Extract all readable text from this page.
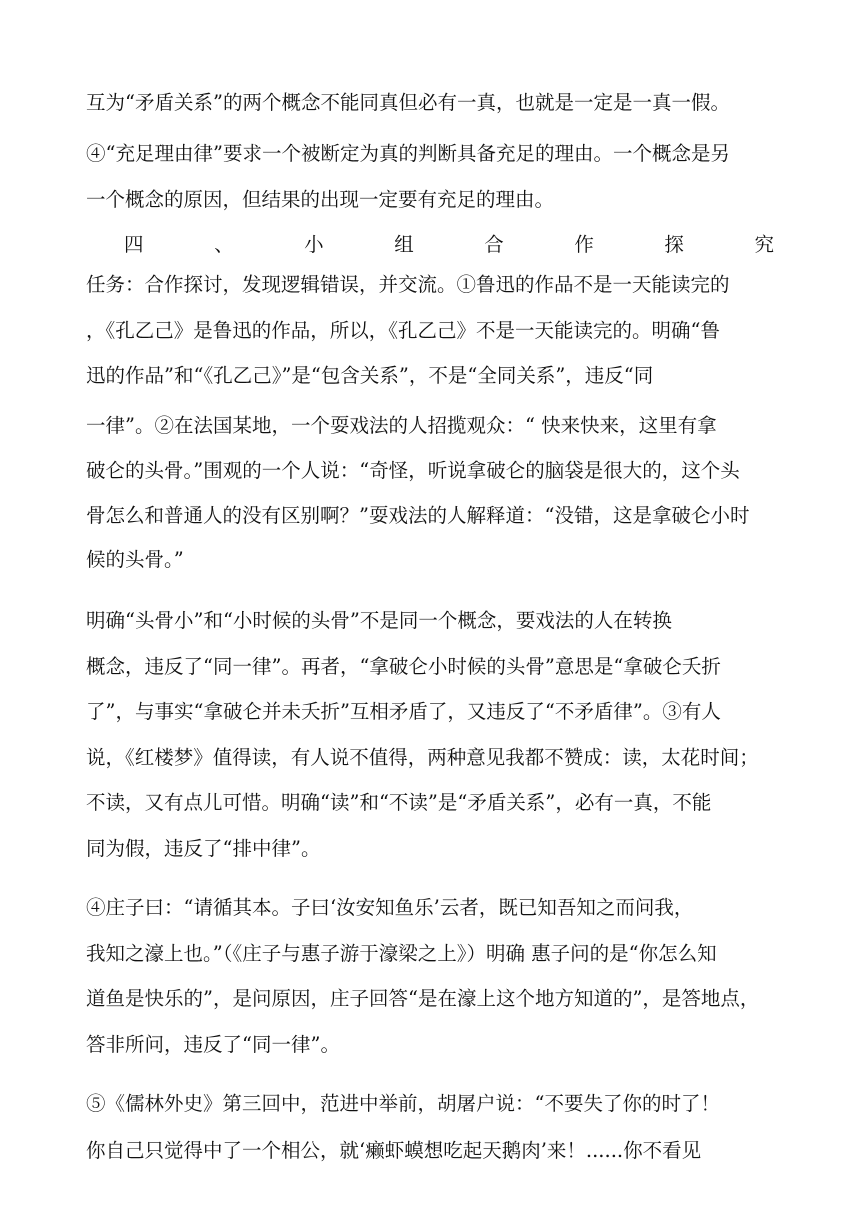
互为“矛盾关系”的两个概念不能同真但必有一真，也就是一定是一真一假。
④“充足理由律”要求一个被断定为真的判断具备充足的理由。一个概念是另
一个概念的原因，但结果的出现一定要有充足的理由。
四	、	小	组	合	作	探	究
任务：合作探讨，发现逻辑错误，并交流。①鲁迅的作品不是一天能读完的
，《孔乙己》是鲁迅的作品，所以，《孔乙己》不是一天能读完的。明确“鲁
迅的作品”和“《孔乙己》”是“包含关系”，不是“全同关系”，违反“同
一律”。②在法国某地，一个耍戏法的人招揽观众：“ 快来快来，这里有拿
破仑的头骨。”围观的一个人说：“奇怪，听说拿破仑的脑袋是很大的，这个头
骨怎么和普通人的没有区别啊？”耍戏法的人解释道：“没错，这是拿破仑小时
候的头骨。”
明确“头骨小”和“小时候的头骨”不是同一个概念，要戏法的人在转换
概念，违反了“同一律”。再者，“拿破仑小时候的头骨”意思是“拿破仑夭折
了”，与事实“拿破仑并未夭折”互相矛盾了，又违反了“不矛盾律”。③有人
说，《红楼梦》值得读，有人说不值得，两种意见我都不赞成：读，太花时间；
不读，又有点儿可惜。明确“读”和“不读”是“矛盾关系”，必有一真，不能
同为假，违反了“排中律”。
④庄子曰：“请循其本。子曰‘汝安知鱼乐’云者，既已知吾知之而问我，
我知之濠上也。”（《庄子与惠子游于濠梁之上》）明确 惠子问的是“你怎么知
道鱼是快乐的”，是问原因，庄子回答“是在濠上这个地方知道的”，是答地点，
答非所问，违反了“同一律”。
⑤《儒林外史》第三回中，范进中举前，胡屠户说：“不要失了你的时了！
你自己只觉得中了一个相公，就‘癞虾蟆想吃起天鹅肉’来！......你不看见
